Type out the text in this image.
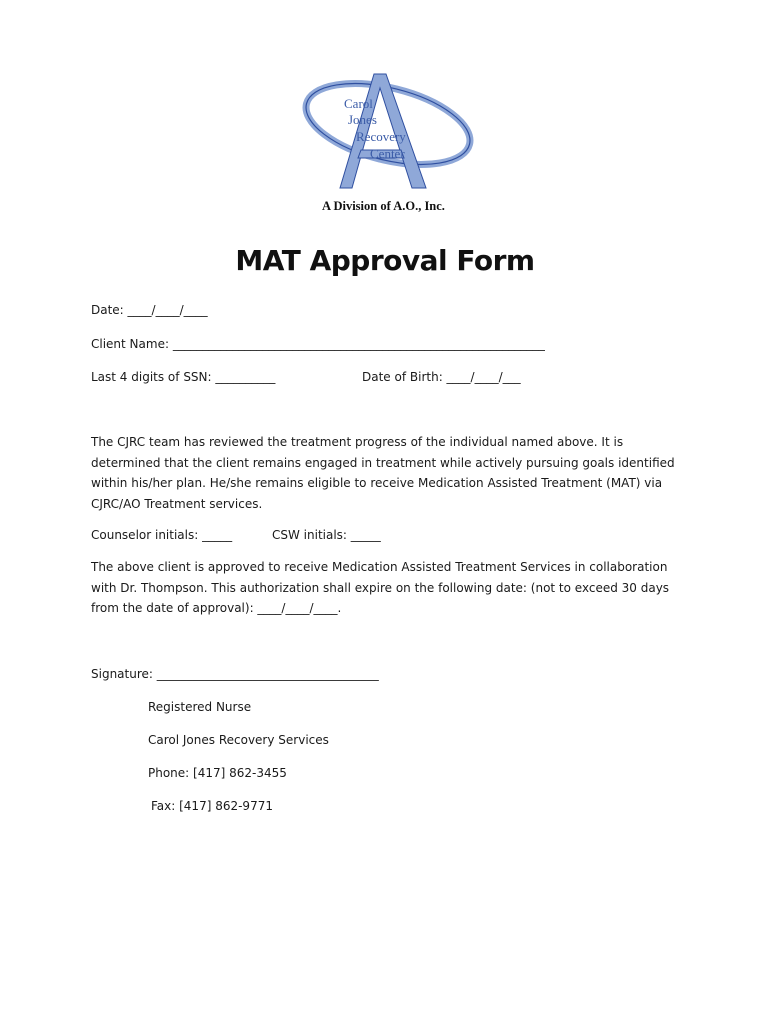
Carol
Jones
Recovery
Center
A Division of A.O., Inc.
MAT Approval Form

Date: ____/____/____

Client Name: ______________________________________________________________

Last 4 digits of SSN: __________	Date of Birth: ____/____/___

The CJRC team has reviewed the treatment progress of the individual named above. It is determined that the client remains engaged in treatment while actively pursuing goals identified within his/her plan. He/she remains eligible to receive Medication Assisted Treatment (MAT) via CJRC/AO Treatment services.

Counselor initials: _____	CSW initials: _____

The above client is approved to receive Medication Assisted Treatment Services in collaboration with Dr. Thompson. This authorization shall expire on the following date: (not to exceed 30 days from the date of approval): ____/____/____.

Signature: _____________________________________

Registered Nurse

Carol Jones Recovery Services

Phone: [417] 862-3455

Fax: [417] 862-9771
